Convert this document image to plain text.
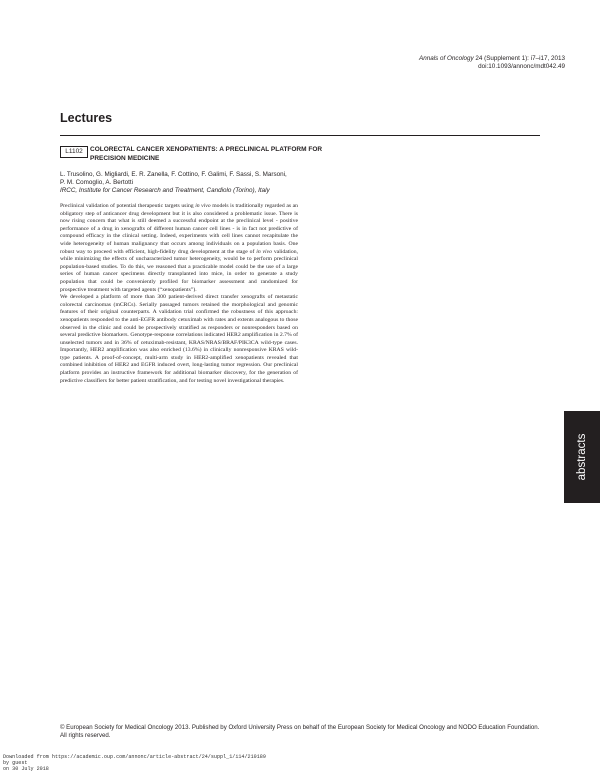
Annals of Oncology 24 (Supplement 1): i7–i17, 2013
doi:10.1093/annonc/mdt042.49
Lectures
L1102	COLORECTAL CANCER XENOPATIENTS: A PRECLINICAL PLATFORM FOR PRECISION MEDICINE
L. Trusolino, G. Migliardi, E. R. Zanella, F. Cottino, F. Galimi, F. Sassi, S. Marsoni,
P. M. Comoglio, A. Bertotti
IRCC, Institute for Cancer Research and Treatment, Candiolo (Torino), Italy

Preclinical validation of potential therapeutic targets using in vivo models is traditionally regarded as an obligatory step of anticancer drug development but it is also considered a problematic issue. There is now rising concern that what is still deemed a successful endpoint at the preclinical level - positive performance of a drug in xenografts of different human cancer cell lines - is in fact not predictive of compound efficacy in the clinical setting. Indeed, experiments with cell lines cannot recapitulate the wide heterogeneity of human malignancy that occurs among individuals on a population basis. One robust way to proceed with efficient, high-fidelity drug development at the stage of in vivo validation, while minimizing the effects of uncharacterized tumor heterogeneity, would be to perform preclinical population-based studies. To do this, we reasoned that a practicable model could be the use of a large series of human cancer specimens directly transplanted into mice, in order to generate a study population that could be conveniently profiled for biomarker assessment and randomized for prospective treatment with targeted agents (“xenopatients”).

We developed a platform of more than 300 patient-derived direct transfer xenografts of metastatic colorectal carcinomas (mCRCs). Serially passaged tumors retained the morphological and genomic features of their original counterparts. A validation trial confirmed the robustness of this approach: xenopatients responded to the anti-EGFR antibody cetuximab with rates and extents analogous to those observed in the clinic and could be prospectively stratified as responders or nonresponders based on several predictive biomarkers. Genotype-response correlations indicated HER2 amplification in 2.7% of unselected tumors and in 36% of cetuximab-resistant, KRAS/NRAS/BRAF/PIK3CA wild-type cases. Importantly, HER2 amplification was also enriched (13.6%) in clinically nonresponsive KRAS wild-type patients. A proof-of-concept, multi-arm study in HER2-amplified xenopatients revealed that combined inhibition of HER2 and EGFR induced overt, long-lasting tumor regression. Our preclinical platform provides an instructive framework for additional biomarker discovery, for the generation of predictive classifiers for better patient stratification, and for testing novel investigational therapies.

abstracts
© European Society for Medical Oncology 2013. Published by Oxford University Press on behalf of the European Society for Medical Oncology and NODO Education Foundation. All rights reserved.
Downloaded from https://academic.oup.com/annonc/article-abstract/24/suppl_1/i14/210189
by guest
on 30 July 2018
